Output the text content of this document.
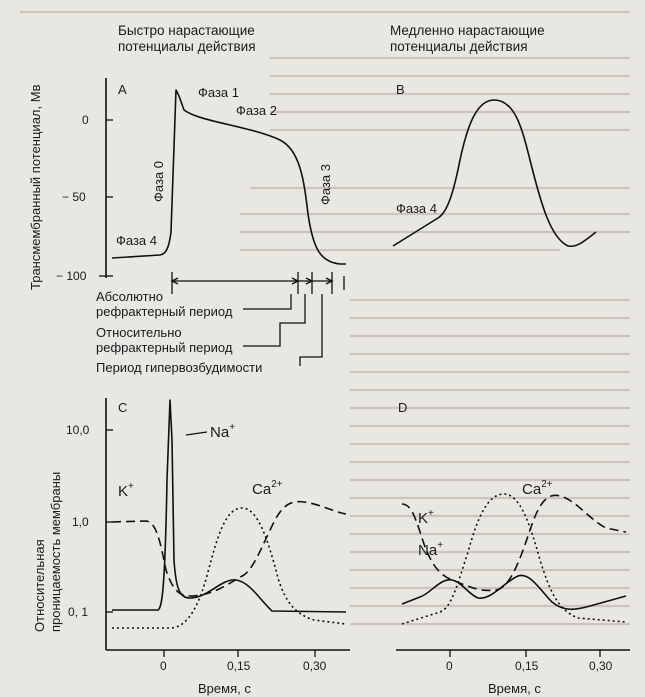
Быстро нарастающие
потенциалы действия
A
Трансмембранный потенциал, Мв	0
− 50
− 100
Фаза 1
Фаза 2
Фаза 0	Фаза 3
Фаза 4
Абсолютно
рефрактерный период
Относительно
рефрактерный период
Период гипервозбудимости
Медленно нарастающие
потенциалы действия
B
Фаза 4
C
Относительная проницаемость мембраны
10,0
1,0
0, 1
0	0,15	0,30
Время, с
Na+
K+	$Ca^{2+}$
D
0	0,15	0,30
Время, с
K+
Na+
$Ca^{2+}$
